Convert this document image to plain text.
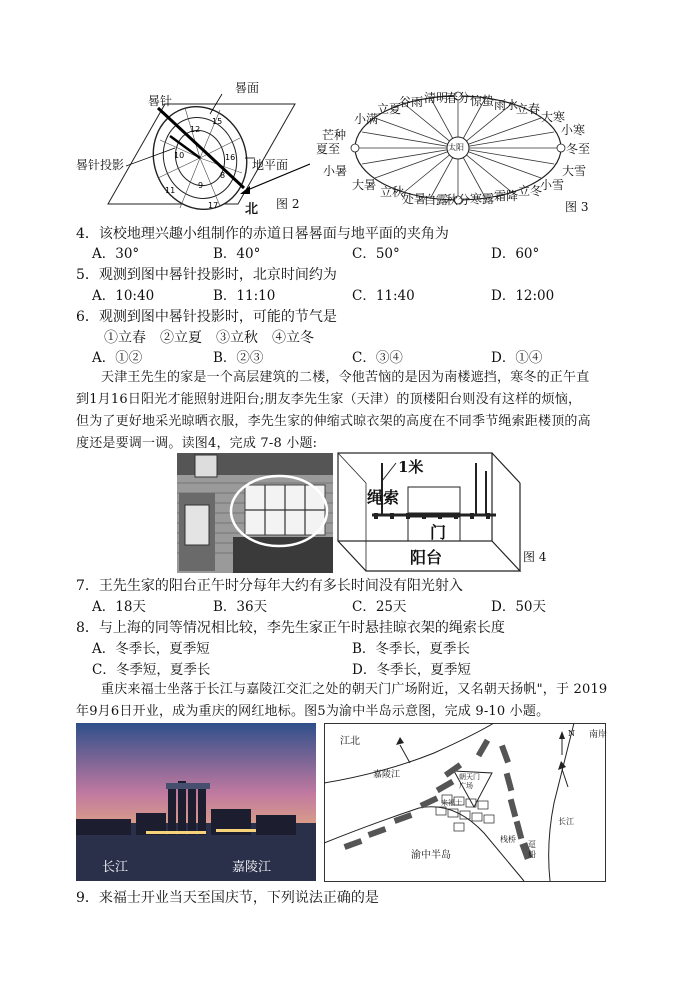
12
10
9
8
16
11
17
15
晷面
晷针
晷针投影	地平面
北 图 2
太阳
立夏
谷雨 清明
春分 惊蛰 雨水
立春
小满	大寒
芒种
夏至
小暑
小寒
冬至
大雪
大暑 立秋
处暑
白露
秋分 寒露 霜降 立冬
小雪
图 3
4．该校地理兴趣小组制作的赤道日晷晷面与地平面的夹角为
A．30°	B．40°	C．50°	D．60°
5．观测到图中晷针投影时，北京时间约为
A．10:40	B．11:10	C．11:40	D．12:00
6．观测到图中晷针投影时，可能的节气是
①立春　②立夏　③立秋　④立冬
A．①②	B．②③	C．③④	D．①④
天津王先生的家是一个高层建筑的二楼，令他苦恼的是因为南楼遮挡，寒冬的正午直
到1月16日阳光才能照射进阳台;朋友李先生家（天津）的顶楼阳台则没有这样的烦恼，
但为了更好地采光晾晒衣服，李先生家的伸缩式晾衣架的高度在不同季节绳索距楼顶的高
度还是要调一调。读图4，完成 7-8 小题:
1米
绳索
门
阳台	图 4
7．王先生家的阳台正午时分每年大约有多长时间没有阳光射入
A．18天	B．36天	C．25天	D．50天
8．与上海的同等情况相比较，李先生家正午时悬挂晾衣架的绳索长度
A．冬季长，夏季短	B．冬季长，夏季长
C．冬季短，夏季长	D．冬季长，夏季短
重庆来福士坐落于长江与嘉陵江交汇之处的朝天门广场附近，又名朝天扬帆"，于 2019
年9月6日开业，成为重庆的网红地标。图5为渝中半岛示意图，完成 9-10 小题。
长江	嘉陵江
江北
嘉陵江	朝天门广场
来福士
渝中半岛
长江
南岸
N
栈桥
趸船
9．来福士开业当天至国庆节，下列说法正确的是
